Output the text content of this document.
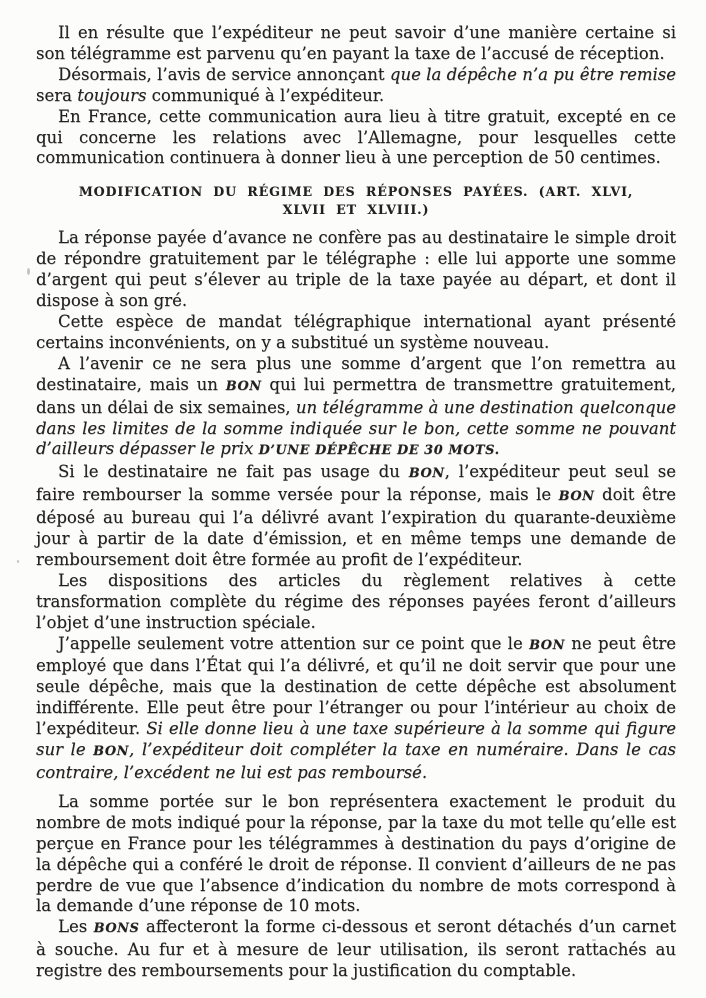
Il en résulte que l’expéditeur ne peut savoir d’une manière certaine si son télégramme est parvenu qu’en payant la taxe de l’accusé de réception.

Désormais, l’avis de service annonçant que la dépêche n’a pu être remise sera toujours communiqué à l’expéditeur.

En France, cette communication aura lieu à titre gratuit, excepté en ce qui concerne les relations avec l’Allemagne, pour lesquelles cette communication continuera à donner lieu à une perception de 50 centimes.

MODIFICATION DU RÉGIME DES RÉPONSES PAYÉES. (ART. XLVI,
XLVII ET XLVIII.)

La réponse payée d’avance ne confère pas au destinataire le simple droit de répondre gratuitement par le télégraphe : elle lui apporte une somme d’argent qui peut s’élever au triple de la taxe payée au départ, et dont il dispose à son gré.

Cette espèce de mandat télégraphique international ayant présenté certains inconvénients, on y a substitué un système nouveau.

A l’avenir ce ne sera plus une somme d’argent que l’on remettra au destinataire, mais un BON qui lui permettra de transmettre gratuitement, dans un délai de six semaines, un télégramme à une destination quelconque dans les limites de la somme indiquée sur le bon, cette somme ne pouvant d’ailleurs dépasser le prix D’UNE DÉPÊCHE DE 30 MOTS.

Si le destinataire ne fait pas usage du BON, l’expéditeur peut seul se faire rembourser la somme versée pour la réponse, mais le BON doit être déposé au bureau qui l’a délivré avant l’expiration du quarante-deuxième jour à partir de la date d’émission, et en même temps une demande de remboursement doit être formée au profit de l’expéditeur.

Les dispositions des articles du règlement relatives à cette transformation complète du régime des réponses payées feront d’ailleurs l’objet d’une instruction spéciale.

J’appelle seulement votre attention sur ce point que le BON ne peut être employé que dans l’État qui l’a délivré, et qu’il ne doit servir que pour une seule dépêche, mais que la destination de cette dépêche est absolument indifférente. Elle peut être pour l’étranger ou pour l’intérieur au choix de l’expéditeur. Si elle donne lieu à une taxe supérieure à la somme qui figure sur le BON, l’expéditeur doit compléter la taxe en numéraire. Dans le cas contraire, l’excédent ne lui est pas remboursé.

La somme portée sur le bon représentera exactement le produit du nombre de mots indiqué pour la réponse, par la taxe du mot telle qu’elle est perçue en France pour les télégrammes à destination du pays d’origine de la dépêche qui a conféré le droit de réponse. Il convient d’ailleurs de ne pas perdre de vue que l’absence d’indication du nombre de mots correspond à la demande d’une réponse de 10 mots.

Les BONS affecteront la forme ci-dessous et seront détachés d’un carnet à souche. Au fur et à mesure de leur utilisation, ils seront rattachés au registre des remboursements pour la justification du comptable.
